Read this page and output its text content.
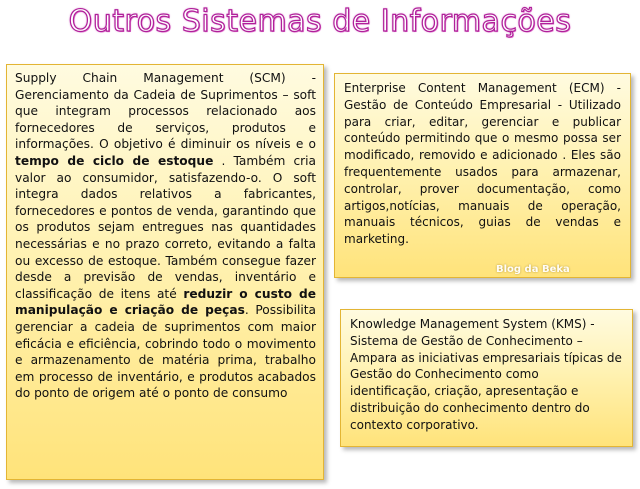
Outros Sistemas de Informações

Supply Chain Management (SCM) - Gerenciamento da Cadeia de Suprimentos – soft que integram processos relacionado aos fornecedores de serviços, produtos e informações. O objetivo é diminuir os níveis e o tempo de ciclo de estoque . Também cria valor ao consumidor, satisfazendo-o. O soft integra dados relativos a fabricantes, fornecedores e pontos de venda, garantindo que os produtos sejam entregues nas quantidades necessárias e no prazo correto, evitando a falta ou excesso de estoque. Também consegue fazer desde a previsão de vendas, inventário e classificação de itens até reduzir o custo de manipulação e criação de peças. Possibilita gerenciar a cadeia de suprimentos com maior eficácia e eficiência, cobrindo todo o movimento e armazenamento de matéria prima, trabalho em processo de inventário, e produtos acabados do ponto de origem até o ponto de consumo

Enterprise Content Management (ECM) - Gestão de Conteúdo Empresarial - Utilizado para criar, editar, gerenciar e publicar conteúdo permitindo que o mesmo possa ser modificado, removido e adicionado . Eles são frequentemente usados para armazenar, controlar, prover documentação, como artigos,notícias, manuais de operação, manuais técnicos, guias de vendas e marketing.

Blog da Beka

Knowledge Management System (KMS) - Sistema de Gestão de Conhecimento – Ampara as iniciativas empresariais típicas de Gestão do Conhecimento como identificação, criação, apresentação e distribuição do conhecimento dentro do contexto corporativo.
